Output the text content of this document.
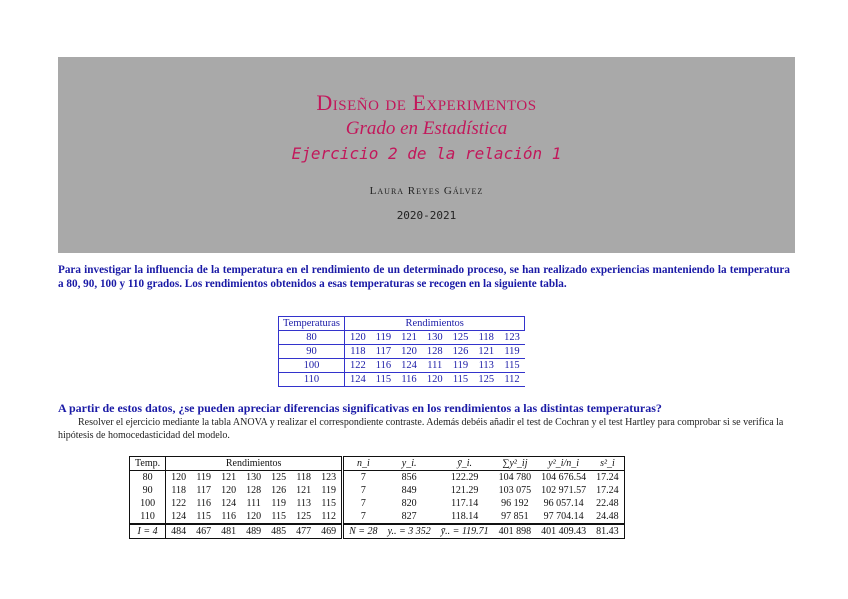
Diseño de Experimentos
Grado en Estadística
Ejercicio 2 de la relación 1
Laura Reyes Gálvez
2020-2021
Para investigar la influencia de la temperatura en el rendimiento de un determinado proceso, se han realizado experiencias manteniendo la temperatura a 80, 90, 100 y 110 grados. Los rendimientos obtenidos a esas temperaturas se recogen en la siguiente tabla.
Temperaturas	Rendimientos						
80	120	119	121	130	125	118	123
90	118	117	120	128	126	121	119
100	122	116	124	111	119	113	115
110	124	115	116	120	115	125	112
A partir de estos datos, ¿se pueden apreciar diferencias significativas en los rendimientos a las distintas temperaturas?
Resolver el ejercicio mediante la tabla ANOVA y realizar el correspondiente contraste. Además debéis añadir el test de Cochran y el test Hartley para comprobar si se verifica la hipótesis de homocedasticidad del modelo.
Temp.	Rendimientos							n_i	y_i.	ȳ_i.	∑y²_ij	y²_i/n_i	s²_i
80	120	119	121	130	125	118	123	7	856	122.29	104 780	104 676.54	17.24
90	118	117	120	128	126	121	119	7	849	121.29	103 075	102 971.57	17.24
100	122	116	124	111	119	113	115	7	820	117.14	96 192	96 057.14	22.48
110	124	115	116	120	115	125	112	7	827	118.14	97 851	97 704.14	24.48
I = 4	484	467	481	489	485	477	469	N = 28	y.. = 3 352	ȳ.. = 119.71	401 898	401 409.43	81.43
